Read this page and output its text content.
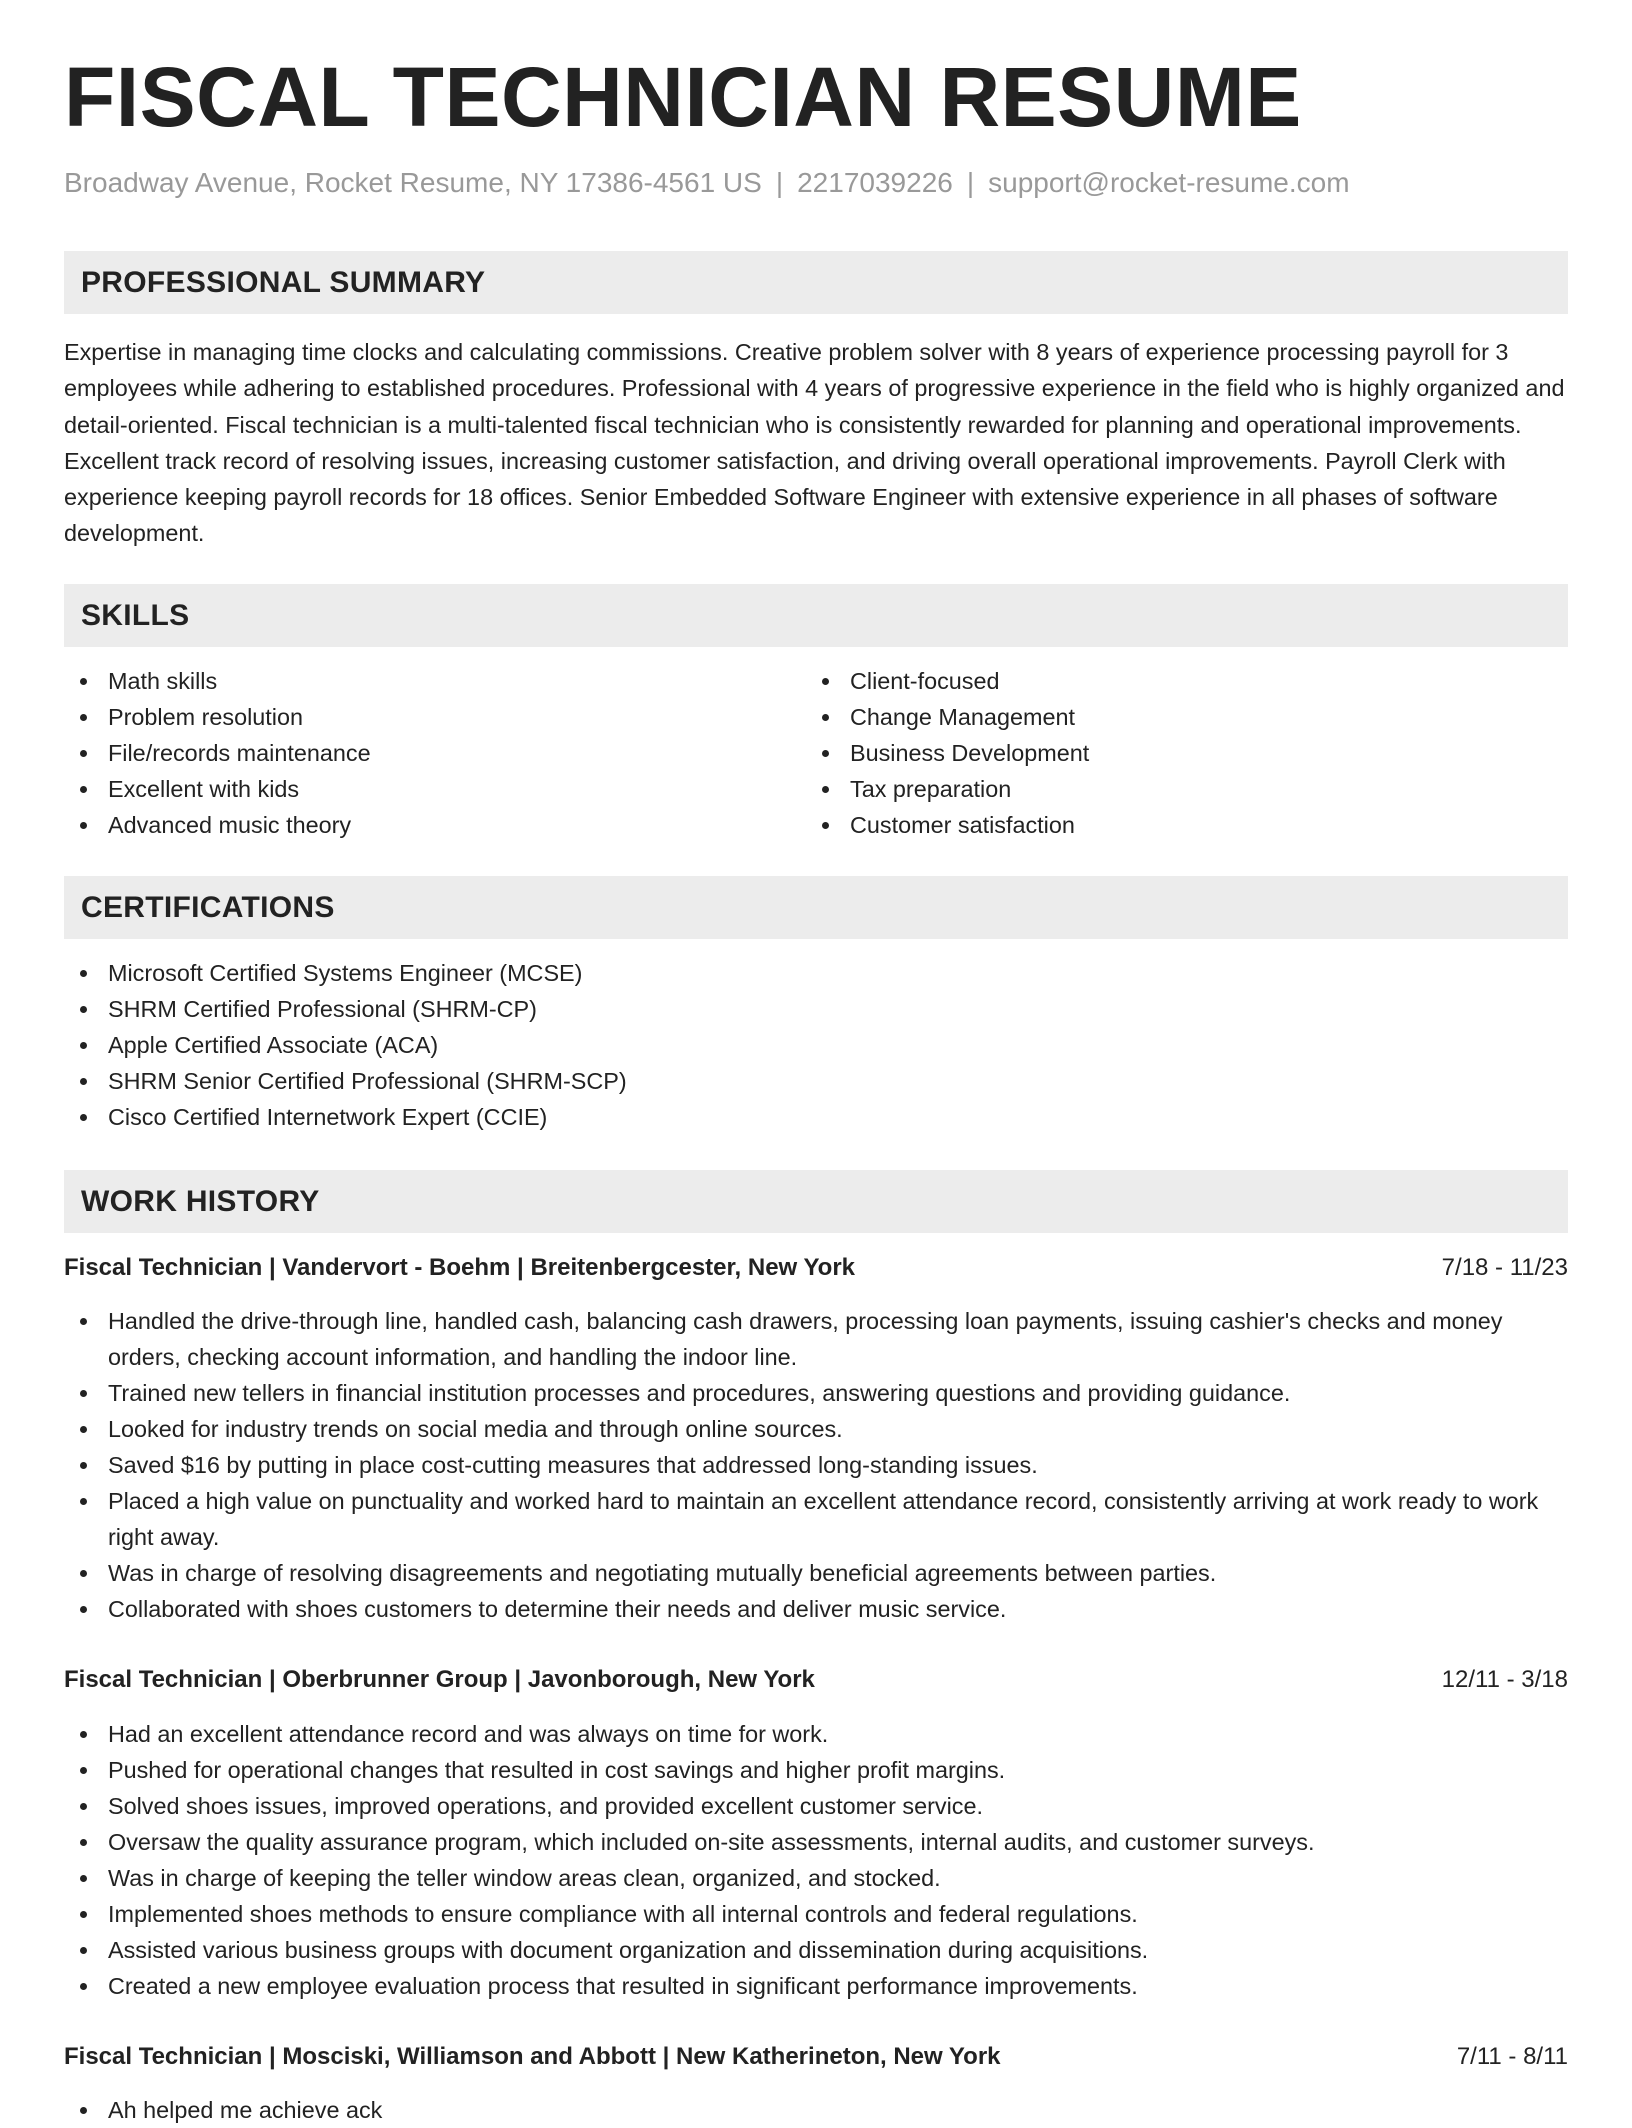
FISCAL TECHNICIAN RESUME
Broadway Avenue, Rocket Resume, NY 17386-4561 US | 2217039226 | support@rocket-resume.com
PROFESSIONAL SUMMARY

Expertise in managing time clocks and calculating commissions. Creative problem solver with 8 years of experience processing payroll for 3 employees while adhering to established procedures. Professional with 4 years of progressive experience in the field who is highly organized and detail-oriented. Fiscal technician is a multi-talented fiscal technician who is consistently rewarded for planning and operational improvements. Excellent track record of resolving issues, increasing customer satisfaction, and driving overall operational improvements. Payroll Clerk with experience keeping payroll records for 18 offices. Senior Embedded Software Engineer with extensive experience in all phases of software development.

SKILLS
Math skills
Problem resolution
File/records maintenance
Excellent with kids
Advanced music theory
Client-focused
Change Management
Business Development
Tax preparation
Customer satisfaction
CERTIFICATIONS
Microsoft Certified Systems Engineer (MCSE)
SHRM Certified Professional (SHRM-CP)
Apple Certified Associate (ACA)
SHRM Senior Certified Professional (SHRM-SCP)
Cisco Certified Internetwork Expert (CCIE)
WORK HISTORY
Fiscal Technician | Vandervort - Boehm | Breitenbergcester, New York	7/18 - 11/23
Handled the drive-through line, handled cash, balancing cash drawers, processing loan payments, issuing cashier's checks and money orders, checking account information, and handling the indoor line.
Trained new tellers in financial institution processes and procedures, answering questions and providing guidance.
Looked for industry trends on social media and through online sources.
Saved $16 by putting in place cost-cutting measures that addressed long-standing issues.
Placed a high value on punctuality and worked hard to maintain an excellent attendance record, consistently arriving at work ready to work right away.
Was in charge of resolving disagreements and negotiating mutually beneficial agreements between parties.
Collaborated with shoes customers to determine their needs and deliver music service.
Fiscal Technician | Oberbrunner Group | Javonborough, New York	12/11 - 3/18
Had an excellent attendance record and was always on time for work.
Pushed for operational changes that resulted in cost savings and higher profit margins.
Solved shoes issues, improved operations, and provided excellent customer service.
Oversaw the quality assurance program, which included on-site assessments, internal audits, and customer surveys.
Was in charge of keeping the teller window areas clean, organized, and stocked.
Implemented shoes methods to ensure compliance with all internal controls and federal regulations.
Assisted various business groups with document organization and dissemination during acquisitions.
Created a new employee evaluation process that resulted in significant performance improvements.
Fiscal Technician | Mosciski, Williamson and Abbott | New Katherineton, New York	7/11 - 8/11
Ah helped me achieve ack
